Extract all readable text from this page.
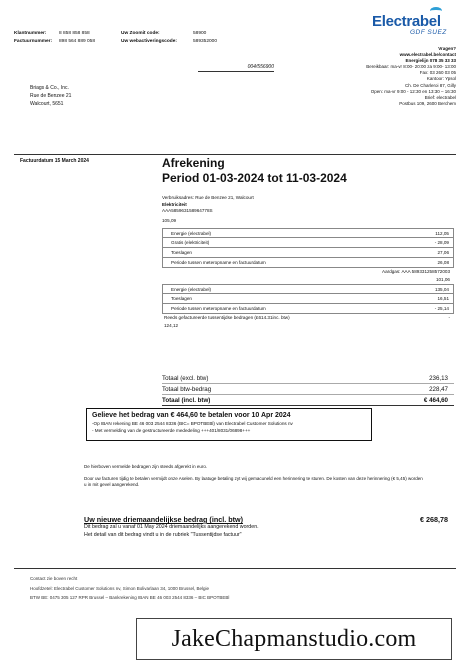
Electrabel
GDF SUEZ
Klantnummer:	8 858 858 858	Uw Zoomit code:	58900
Factuurnummer:	898 564 889 058	Uw webactiveringscode:	589352000
004/556900
Vragen?
www.electrabel.be/contact
Energielijn 078 35 33 33
Bereikbaar: ma-vr 8:00- 20:00 za 9:00- 13:00
Fax: 03 260 03 05
Kantoor: Ypsol
Ch. De Charleroi 87, Gilly
Open: ma-vr 9:00 - 12:30 en 13:30 – 16:30
Brief: electrabel
Postbus 109, 2600 Berchem
Briags & Co., Inc.
Rue de Benzee 21
Walcourt, 5651
Factuurdatum 15 March 2024	Afrekening
Period 01-03-2024 tot 11-03-2024
Verbruiksadres: Rue de Benzee 21, Walcourt
Elektriciteit
AAA585963158964778S
105,09
Energie (electrabel)	112,05
Gratis (elektriciteit)	- 28,09
Toeslagen	27,06
Periode tussen meteropname en factuurdatum	26,08
Aardgas: AAA 589331258572003
101,06
Energie (electrabel)	135,04
Toeslagen	16,51
Periode tussen meteropname en factuurdatum	- 25,14
Reeds gefactureerde tussentijdse bedragen (£614.31inc. btw)	-
124,12
Totaal (excl. btw)	236,13
Totaal btw-bedrag	228,47
Totaal (incl. btw)	€ 464,60
Gelieve het bedrag van € 464,60 te betalen voor 10 Apr 2024
-Op IBAN rekening BE 46 003 2544 8336 (BIC= BPOTBEBl) van Electrabel Customer Solutions nv
- Met vermelding van de gestructureerde mededeling +++401/8031/06898+++

De hierboven vermelde bedragen zijn steeds afgerekt in euro.

Door uw facturen tijdig te betalen vermijdt onze Aselen. By laatuge betaling zyt wij gemacuneld een herinnering te sturen. De kosten van deze herinnering (€ 5,45) worden u in mit gevel aangerekend.

Uw nieuwe driemaandelijkse bedrag (incl. btw)	€ 268,78
Dit bedrag zal u vanaf 01 May 2024 driemaandelijks aangerekend worden.
Het detail van dit bedrag vindt u in de rubriek "Tussentijdse factuur"
Contact zie boven recht
Hoofdzetel: Electrabel Customer Solutions nv, Simon Bolivarlaan 34, 1000 Brussel, Belgie
BTW BE: 0475 305 127 RPR Brussel – Bankrekening IBAN BE 46 003 2544 8336 – BIC BPOTBEBl
JakeChapmanstudio.com
